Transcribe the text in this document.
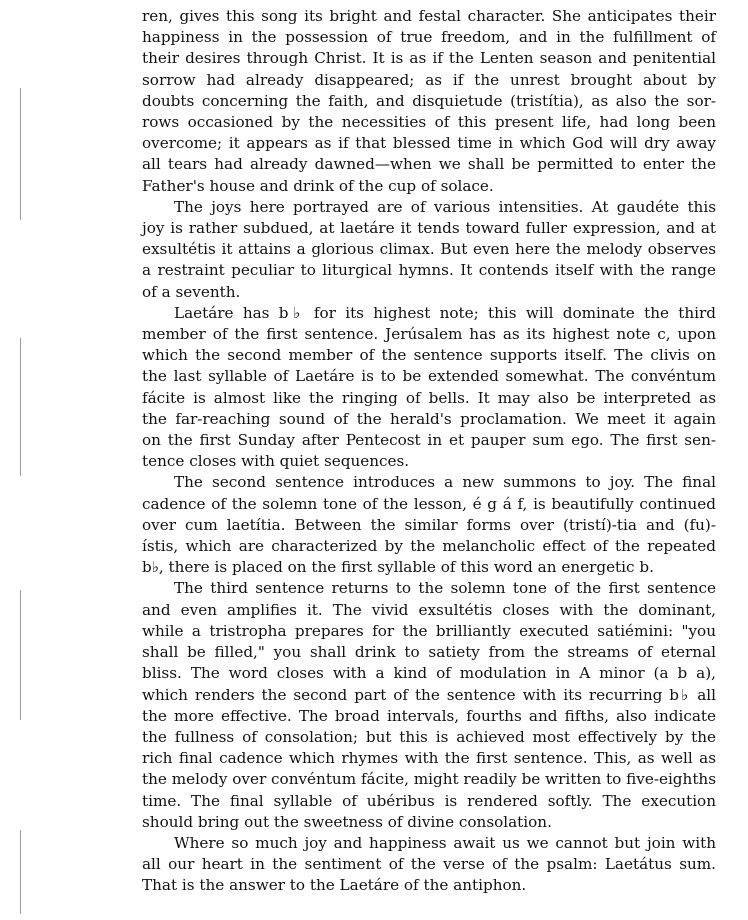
ren, gives this song its bright and festal character. She anticipates their
happiness in the possession of true freedom, and in the fulfillment of
their desires through Christ. It is as if the Lenten season and penitential
sorrow had already disappeared; as if the unrest brought about by
doubts concerning the faith, and disquietude (tristítia), as also the sor-
rows occasioned by the necessities of this present life, had long been
overcome; it appears as if that blessed time in which God will dry away
all tears had already dawned—when we shall be permitted to enter the
Father's house and drink of the cup of solace.

The joys here portrayed are of various intensities. At gaudéte this
joy is rather subdued, at laetáre it tends toward fuller expression, and at
exsultétis it attains a glorious climax. But even here the melody observes
a restraint peculiar to liturgical hymns. It contends itself with the range
of a seventh.

Laetáre has b♭ for its highest note; this will dominate the third
member of the first sentence. Jerúsalem has as its highest note c, upon
which the second member of the sentence supports itself. The clivis on
the last syllable of Laetáre is to be extended somewhat. The convéntum
fácite is almost like the ringing of bells. It may also be interpreted as
the far-reaching sound of the herald's proclamation. We meet it again
on the first Sunday after Pentecost in et pauper sum ego. The first sen-
tence closes with quiet sequences.

The second sentence introduces a new summons to joy. The final
cadence of the solemn tone of the lesson, é g á f, is beautifully continued
over cum laetítia. Between the similar forms over (tristí)-tia and (fu)-
ístis, which are characterized by the melancholic effect of the repeated
b♭, there is placed on the first syllable of this word an energetic b.

The third sentence returns to the solemn tone of the first sentence
and even amplifies it. The vivid exsultétis closes with the dominant,
while a tristropha prepares for the brilliantly executed satiémini: "you
shall be filled," you shall drink to satiety from the streams of eternal
bliss. The word closes with a kind of modulation in A minor (a b a),
which renders the second part of the sentence with its recurring b♭ all
the more effective. The broad intervals, fourths and fifths, also indicate
the fullness of consolation; but this is achieved most effectively by the
rich final cadence which rhymes with the first sentence. This, as well as
the melody over convéntum fácite, might readily be written to five-eighths
time. The final syllable of ubéribus is rendered softly. The execution
should bring out the sweetness of divine consolation.

Where so much joy and happiness await us we cannot but join with
all our heart in the sentiment of the verse of the psalm: Laetátus sum.
That is the answer to the Laetáre of the antiphon.
